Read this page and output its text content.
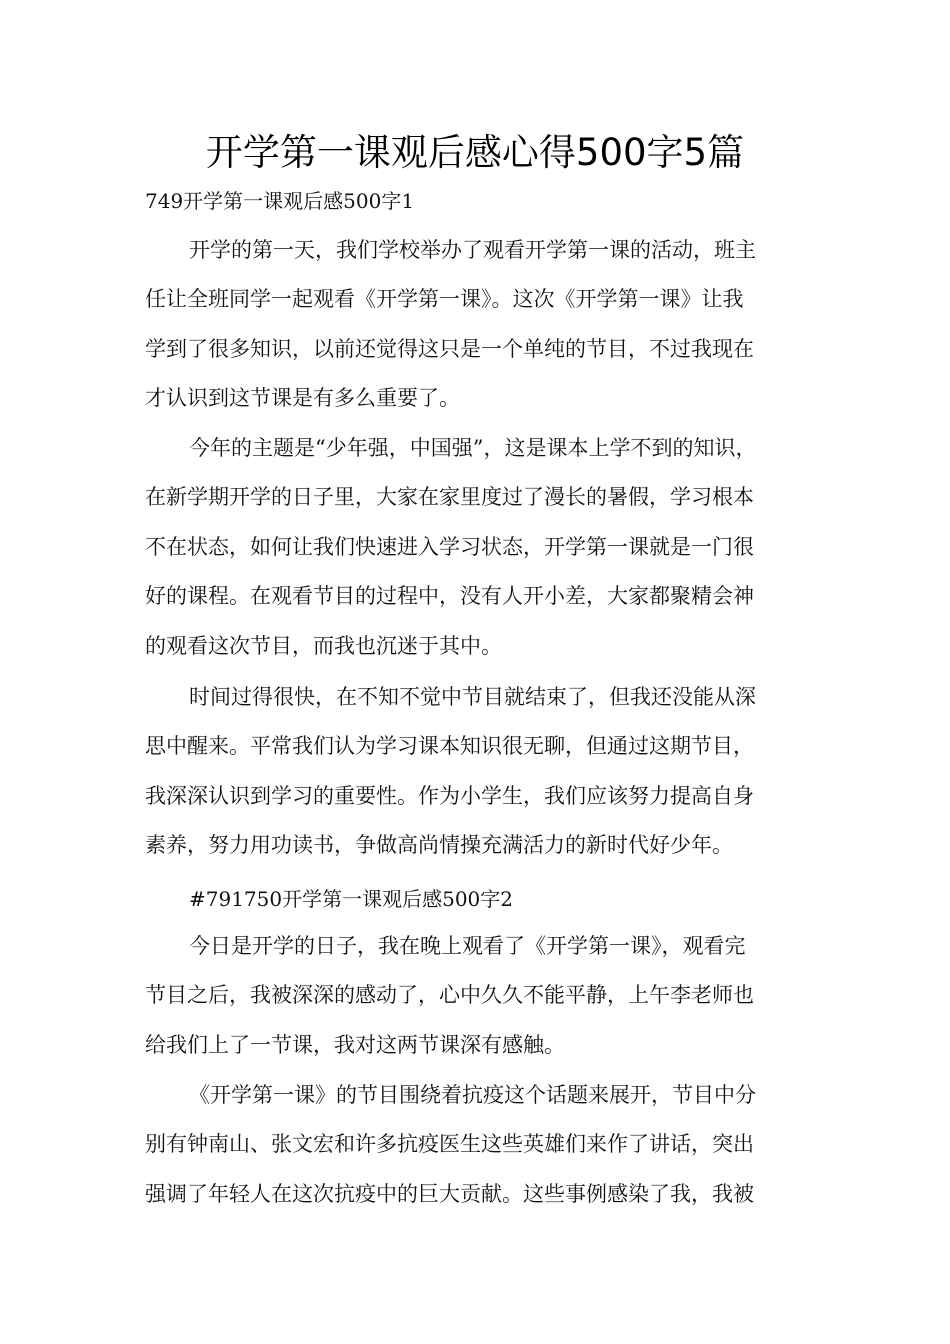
开学第一课观后感心得500字5篇

749开学第一课观后感500字1

开学的第一天，我们学校举办了观看开学第一课的活动，班主
任让全班同学一起观看《开学第一课》。这次《开学第一课》让我
学到了很多知识，以前还觉得这只是一个单纯的节目，不过我现在
才认识到这节课是有多么重要了。
今年的主题是“少年强，中国强”，这是课本上学不到的知识，
在新学期开学的日子里，大家在家里度过了漫长的暑假，学习根本
不在状态，如何让我们快速进入学习状态，开学第一课就是一门很
好的课程。在观看节目的过程中，没有人开小差，大家都聚精会神
的观看这次节目，而我也沉迷于其中。
时间过得很快，在不知不觉中节目就结束了，但我还没能从深
思中醒来。平常我们认为学习课本知识很无聊，但通过这期节目，
我深深认识到学习的重要性。作为小学生，我们应该努力提高自身
素养，努力用功读书，争做高尚情操充满活力的新时代好少年。

#791750开学第一课观后感500字2

今日是开学的日子，我在晚上观看了《开学第一课》，观看完
节目之后，我被深深的感动了，心中久久不能平静，上午李老师也
给我们上了一节课，我对这两节课深有感触。
《开学第一课》的节目围绕着抗疫这个话题来展开，节目中分
别有钟南山、张文宏和许多抗疫医生这些英雄们来作了讲话，突出
强调了年轻人在这次抗疫中的巨大贡献。这些事例感染了我，我被
